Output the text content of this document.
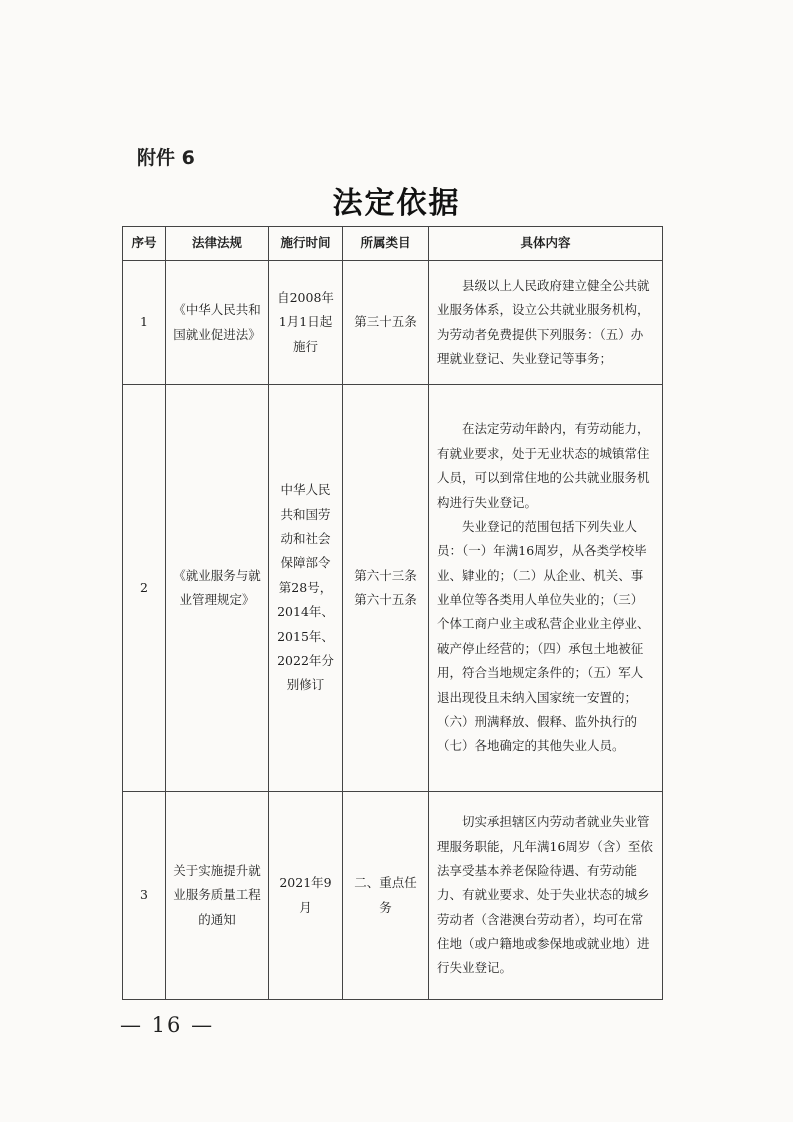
附件 6
法定依据
序号	法律法规	施行时间	所属类目	具体内容
1	《中华人民共和国就业促进法》	自2008年1月1日起施行	第三十五条	县级以上人民政府建立健全公共就业服务体系，设立公共就业服务机构，为劳动者免费提供下列服务：（五）办理就业登记、失业登记等事务；

2	《就业服务与就业管理规定》	中华人民共和国劳动和社会保障部令第28号，2014年、2015年、2022年分别修订	第六十三条第六十五条	在法定劳动年龄内，有劳动能力，有就业要求，处于无业状态的城镇常住人员，可以到常住地的公共就业服务机构进行失业登记。

失业登记的范围包括下列失业人员：（一）年满16周岁，从各类学校毕业、肄业的；（二）从企业、机关、事业单位等各类用人单位失业的；（三）个体工商户业主或私营企业业主停业、破产停止经营的；（四）承包土地被征用，符合当地规定条件的；（五）军人退出现役且未纳入国家统一安置的；（六）刑满释放、假释、监外执行的（七）各地确定的其他失业人员。

3	关于实施提升就业服务质量工程的通知	2021年9月	二、重点任务	切实承担辖区内劳动者就业失业管理服务职能，凡年满16周岁（含）至依法享受基本养老保险待遇、有劳动能力、有就业要求、处于失业状态的城乡劳动者（含港澳台劳动者），均可在常住地（或户籍地或参保地或就业地）进行失业登记。

— 16 —
